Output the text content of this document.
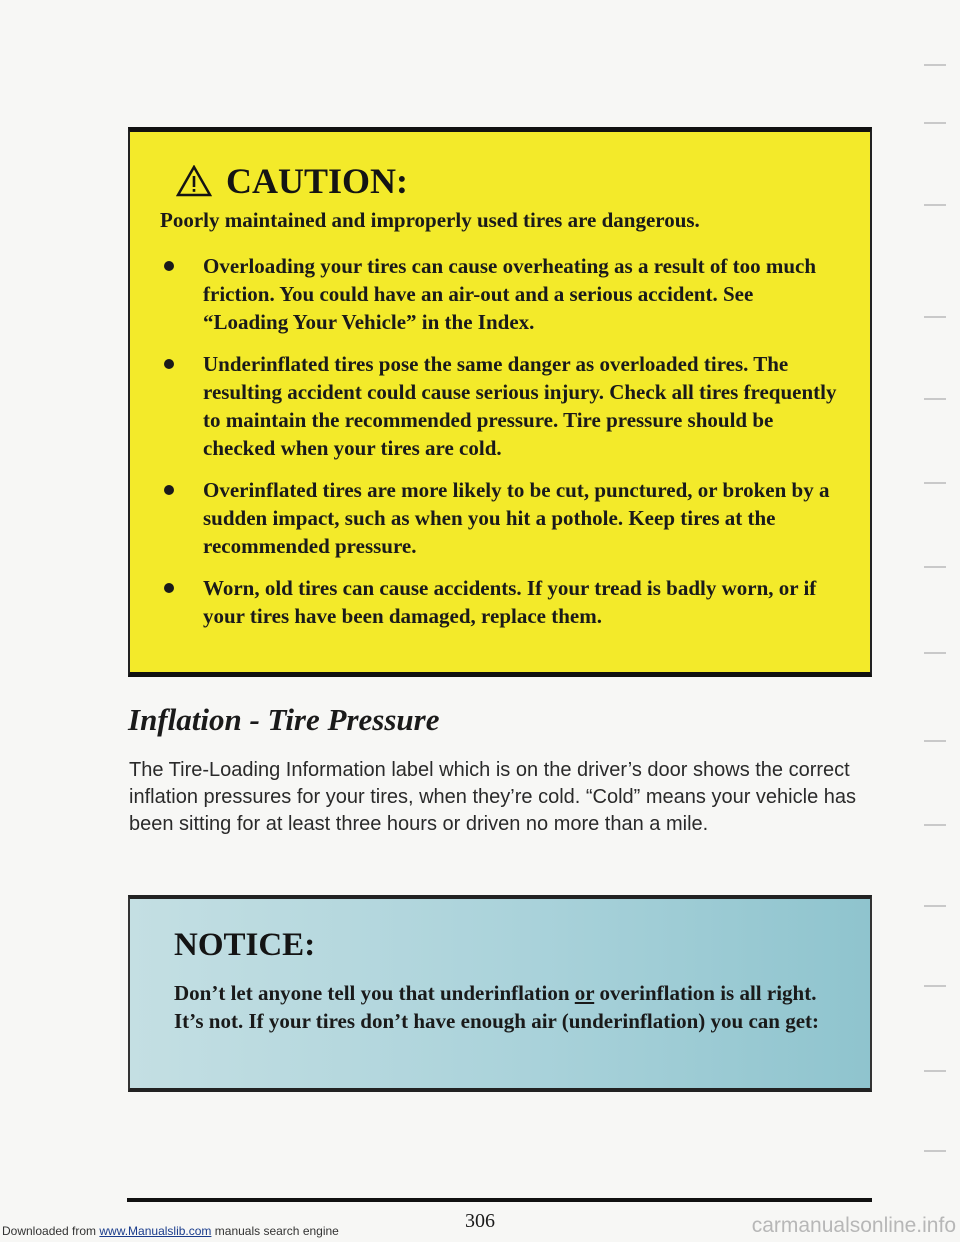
CAUTION:
Poorly maintained and improperly used tires are dangerous.
Overloading your tires can cause overheating as a result of too much friction. You could have an air-out and a serious accident. See “Loading Your Vehicle” in the Index.
Underinflated tires pose the same danger as overloaded tires. The resulting accident could cause serious injury. Check all tires frequently to maintain the recommended pressure. Tire pressure should be checked when your tires are cold.
Overinflated tires are more likely to be cut, punctured, or broken by a sudden impact, such as when you hit a pothole. Keep tires at the recommended pressure.
Worn, old tires can cause accidents. If your tread is badly worn, or if your tires have been damaged, replace them.
Inflation - Tire Pressure
The Tire-Loading Information label which is on the driver’s door shows the correct inflation pressures for your tires, when they’re cold. “Cold” means your vehicle has been sitting for at least three hours or driven no more than a mile.
NOTICE:
Don’t let anyone tell you that underinflation or overinflation is all right. It’s not. If your tires don’t have enough air (underinflation) you can get:
306
Downloaded from www.Manualslib.com manuals search engine	carmanualsonline.info
